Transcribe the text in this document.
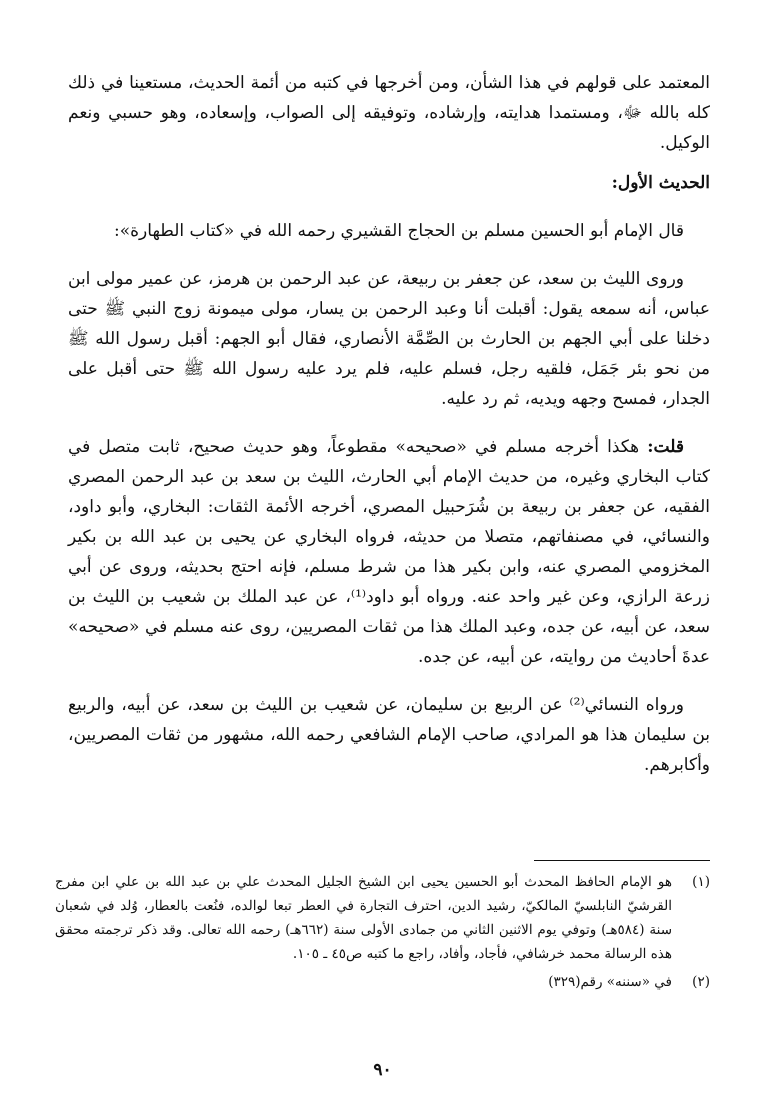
المعتمد على قولهم في هذا الشأن، ومن أخرجها في كتبه من أئمة الحديث، مستعينا في ذلك كله بالله ﷻ، ومستمدا هدايته، وإرشاده، وتوفيقه إلى الصواب، وإسعاده، وهو حسبي ونعم الوكيل.

الحديث الأول:

قال الإمام أبو الحسين مسلم بن الحجاج القشيري رحمه الله في «كتاب الطهارة»:

وروى الليث بن سعد، عن جعفر بن ربيعة، عن عبد الرحمن بن هرمز، عن عمير مولى ابن عباس، أنه سمعه يقول: أقبلت أنا وعبد الرحمن بن يسار، مولى ميمونة زوج النبي ﷺ حتى دخلنا على أبي الجهم بن الحارث بن الصِّمَّة الأنصاري، فقال أبو الجهم: أقبل رسول الله ﷺ من نحو بئر جَمَل، فلقيه رجل، فسلم عليه، فلم يرد عليه رسول الله ﷺ حتى أقبل على الجدار، فمسح وجهه ويديه، ثم رد عليه.

قلت: هكذا أخرجه مسلم في «صحيحه» مقطوعاً، وهو حديث صحيح، ثابت متصل في كتاب البخاري وغيره، من حديث الإمام أبي الحارث، الليث بن سعد بن عبد الرحمن المصري الفقيه، عن جعفر بن ربيعة بن شُرَحبيل المصري، أخرجه الأئمة الثقات: البخاري، وأبو داود، والنسائي، في مصنفاتهم، متصلا من حديثه، فرواه البخاري عن يحيى بن عبد الله بن بكير المخزومي المصري عنه، وابن بكير هذا من شرط مسلم، فإنه احتج بحديثه، وروى عن أبي زرعة الرازي، وعن غير واحد عنه. ورواه أبو داود⁽¹⁾، عن عبد الملك بن شعيب بن الليث بن سعد، عن أبيه، عن جده، وعبد الملك هذا من ثقات المصريين، روى عنه مسلم في «صحيحه» عدةَ أحاديث من روايته، عن أبيه، عن جده.

ورواه النسائي⁽²⁾ عن الربيع بن سليمان، عن شعيب بن الليث بن سعد، عن أبيه، والربيع بن سليمان هذا هو المرادي، صاحب الإمام الشافعي رحمه الله، مشهور من ثقات المصريين، وأكابرهم.

(١)
هو الإمام الحافظ المحدث أبو الحسين يحيى ابن الشيخ الجليل المحدث علي بن عبد الله بن علي ابن مفرج القرشيّ النابلسيّ المالكيّ، رشيد الدين، احترف التجارة في العطر تبعا لوالده، فنُعت بالعطار، وُلد في شعبان سنة (٥٨٤هـ) وتوفي يوم الاثنين الثاني من جمادى الأولى سنة (٦٦٢هـ) رحمه الله تعالى. وقد ذكر ترجمته محقق هذه الرسالة محمد خرشافي، فأجاد، وأفاد، راجع ما كتبه ص٤٥ ـ ١٠٥.
(٢)
في «سننه» رقم(٣٢٩)
٩٠
